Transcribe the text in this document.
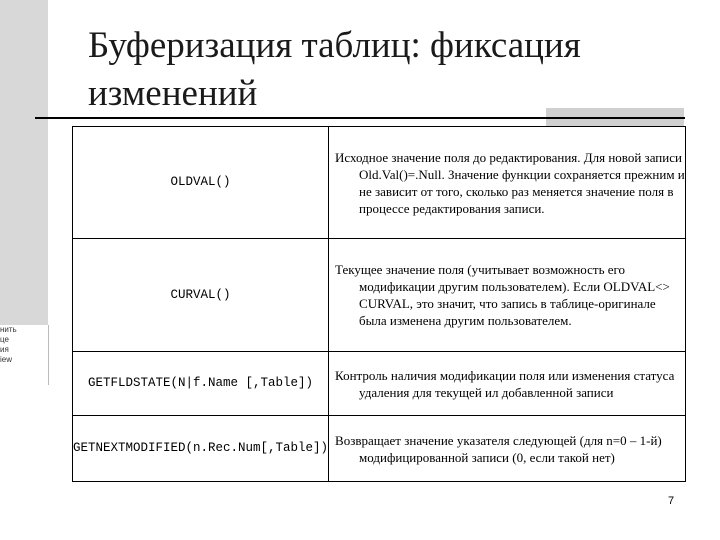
нить
це
ия
iew
Буферизация таблиц: фиксация изменений
OLDVAL()	Исходное значение поля до редактирования. Для новой записи Old.Val()=.Null. Значение функции сохраняется прежним и не зависит от того, сколько раз меняется значение поля в процессе редактирования записи.

CURVAL()	Текущее значение поля (учитывает возможность его модификации другим пользователем). Если OLDVAL<> CURVAL, это значит, что запись в таблице-оригинале была изменена другим пользователем.

GETFLDSTATE(N|f.Name [,Table])	Контроль наличия модификации поля или изменения статуса удаления для текущей ил добавленной записи

GETNEXTMODIFIED(n.Rec.Num[,Table])	Возвращает значение указателя следующей (для n=0 – 1-й) модифицированной записи (0, если такой нет)
7
